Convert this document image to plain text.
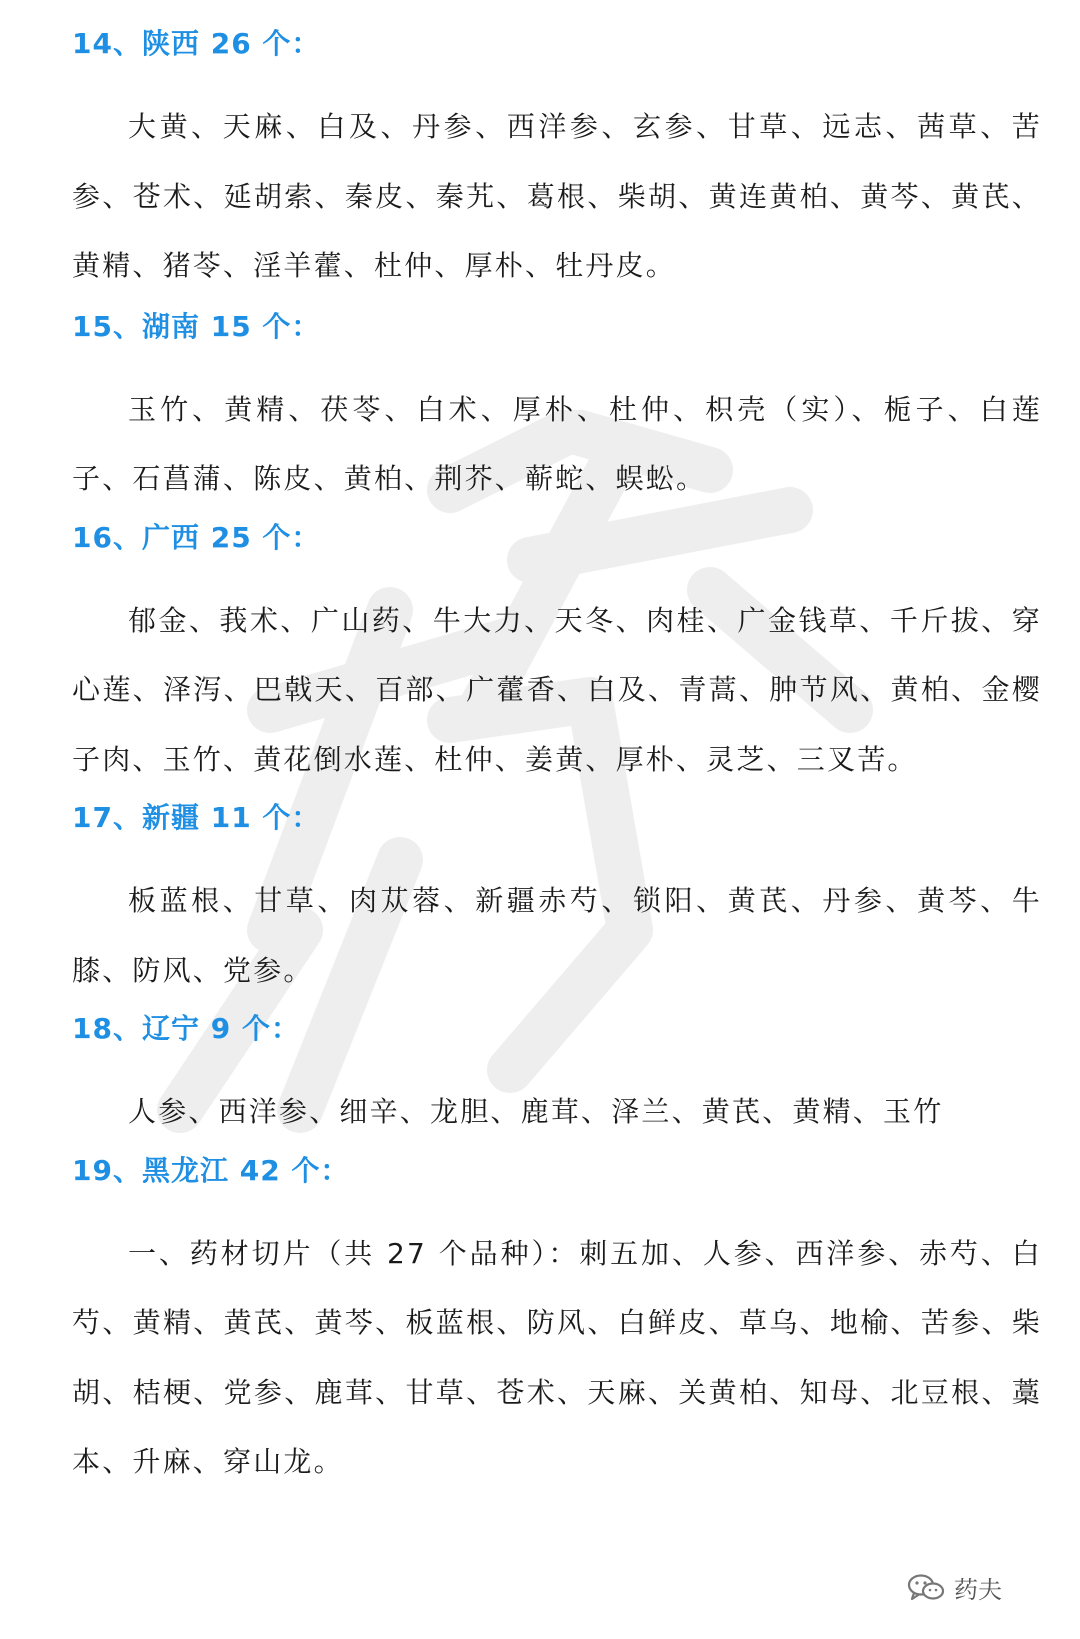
14、陕西 26 个：

大黄、天麻、白及、丹参、西洋参、玄参、甘草、远志、茜草、苦参、苍术、延胡索、秦皮、秦艽、葛根、柴胡、黄连黄柏、黄芩、黄芪、黄精、猪苓、淫羊藿、杜仲、厚朴、牡丹皮。

15、湖南 15 个：

玉竹、黄精、茯苓、白术、厚朴、杜仲、枳壳（实）、栀子、白莲子、石菖蒲、陈皮、黄柏、荆芥、蕲蛇、蜈蚣。

16、广西 25 个：

郁金、莪术、广山药、牛大力、天冬、肉桂、广金钱草、千斤拔、穿心莲、泽泻、巴戟天、百部、广藿香、白及、青蒿、肿节风、黄柏、金樱子肉、玉竹、黄花倒水莲、杜仲、姜黄、厚朴、灵芝、三叉苦。

17、新疆 11 个：

板蓝根、甘草、肉苁蓉、新疆赤芍、锁阳、黄芪、丹参、黄芩、牛膝、防风、党参。

18、辽宁 9 个：

人参、西洋参、细辛、龙胆、鹿茸、泽兰、黄芪、黄精、玉竹

19、黑龙江 42 个：

一、药材切片（共 27 个品种）：刺五加、人参、西洋参、赤芍、白芍、黄精、黄芪、黄芩、板蓝根、防风、白鲜皮、草乌、地榆、苦参、柴胡、桔梗、党参、鹿茸、甘草、苍术、天麻、关黄柏、知母、北豆根、藁本、升麻、穿山龙。

药夫
